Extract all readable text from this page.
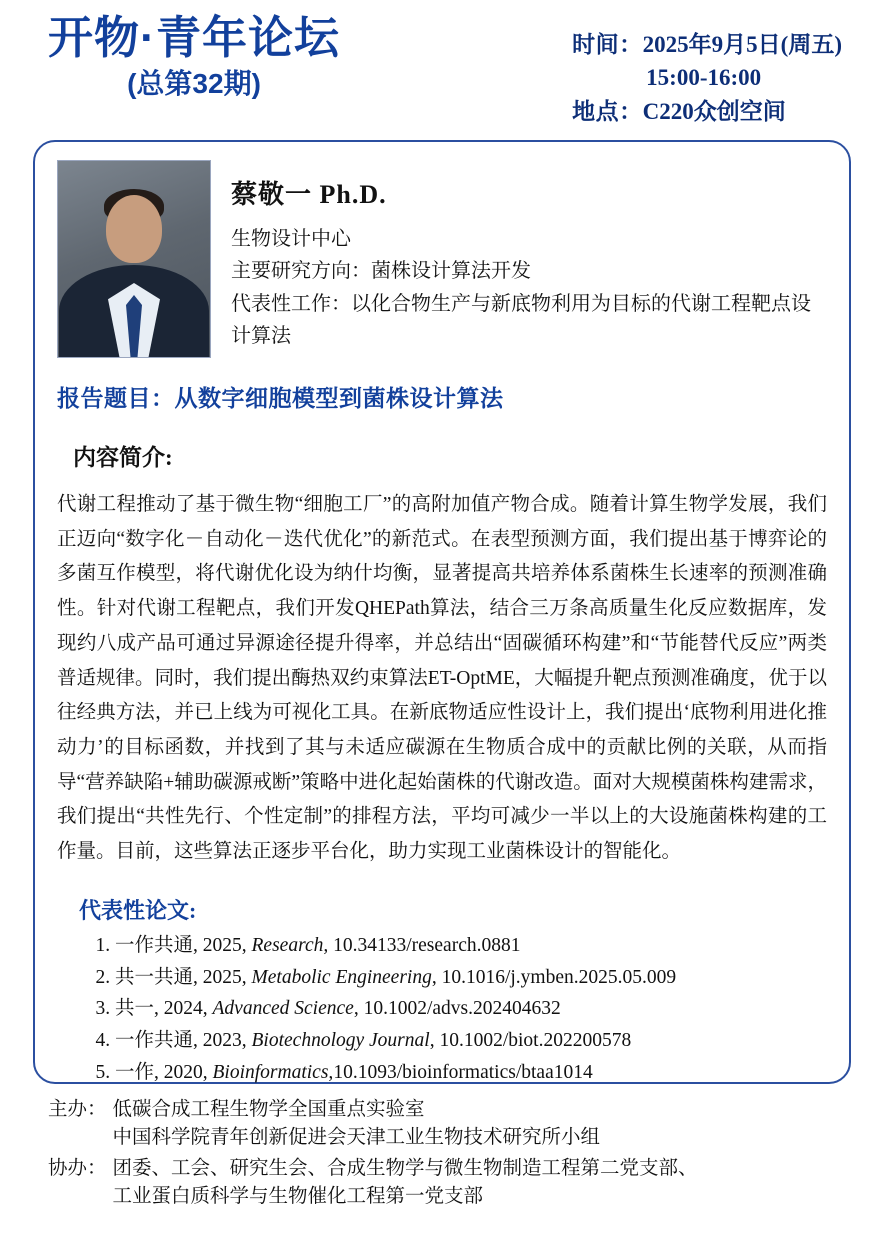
开物·青年论坛
(总第32期)
时间：2025年9月5日(周五)
15:00-16:00
地点：C220众创空间
蔡敬一 Ph.D.
生物设计中心
主要研究方向：菌株设计算法开发
代表性工作：以化合物生产与新底物利用为目标的代谢工程靶点设计算法
报告题目：从数字细胞模型到菌株设计算法
内容简介:
代谢工程推动了基于微生物“细胞工厂”的高附加值产物合成。随着计算生物学发展，我们正迈向“数字化－自动化－迭代优化”的新范式。在表型预测方面，我们提出基于博弈论的多菌互作模型，将代谢优化设为纳什均衡，显著提高共培养体系菌株生长速率的预测准确性。针对代谢工程靶点，我们开发QHEPath算法，结合三万条高质量生化反应数据库，发现约八成产品可通过异源途径提升得率，并总结出“固碳循环构建”和“节能替代反应”两类普适规律。同时，我们提出酶热双约束算法ET-OptME，大幅提升靶点预测准确度，优于以往经典方法，并已上线为可视化工具。在新底物适应性设计上，我们提出‘底物利用进化推动力’的目标函数，并找到了其与未适应碳源在生物质合成中的贡献比例的关联，从而指导“营养缺陷+辅助碳源戒断”策略中进化起始菌株的代谢改造。面对大规模菌株构建需求，我们提出“共性先行、个性定制”的排程方法，平均可减少一半以上的大设施菌株构建的工作量。目前，这些算法正逐步平台化，助力实现工业菌株设计的智能化。
代表性论文:
1. 一作共通, 2025, Research, 10.34133/research.0881
2. 共一共通, 2025, Metabolic Engineering, 10.1016/j.ymben.2025.05.009
3. 共一, 2024, Advanced Science, 10.1002/advs.202404632
4. 一作共通, 2023, Biotechnology Journal, 10.1002/biot.202200578
5. 一作, 2020, Bioinformatics,10.1093/bioinformatics/btaa1014
主办： 低碳合成工程生物学全国重点实验室
中国科学院青年创新促进会天津工业生物技术研究所小组
协办： 团委、工会、研究生会、合成生物学与微生物制造工程第二党支部、
工业蛋白质科学与生物催化工程第一党支部
